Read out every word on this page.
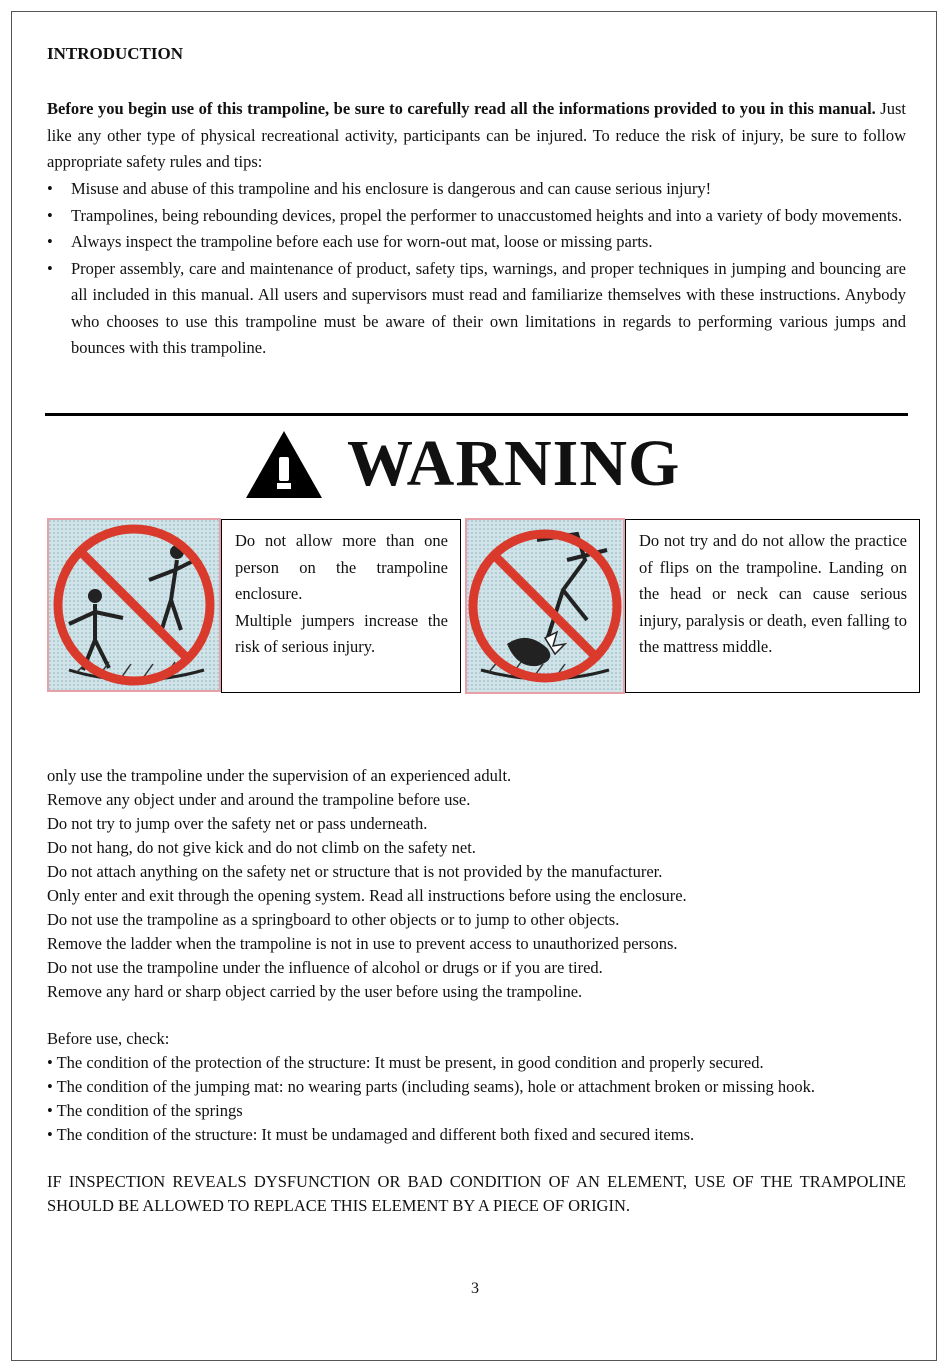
INTRODUCTION
Before you begin use of this trampoline, be sure to carefully read all the informations provided to you in this manual. Just like any other type of physical recreational activity, participants can be injured. To reduce the risk of injury, be sure to follow appropriate safety rules and tips:
•	Misuse and abuse of this trampoline and his enclosure is dangerous and can cause serious injury!
•	Trampolines, being rebounding devices, propel the performer to unaccustomed heights and into a variety of body movements.
•	Always inspect the trampoline before each use for worn-out mat, loose or missing parts.
•	Proper assembly, care and maintenance of product, safety tips, warnings, and proper techniques in jumping and bouncing are all included in this manual. All users and supervisors must read and familiarize themselves with these instructions. Anybody who chooses to use this trampoline must be aware of their own limitations in regards to performing various jumps and bounces with this trampoline.
WARNING
Do not allow more than one person on the trampoline enclosure.
Multiple jumpers increase the risk of serious injury.
Do not try and do not allow the practice of flips on the trampoline. Landing on the head or neck can cause serious injury, paralysis or death, even falling to the mattress middle.
only use the trampoline under the supervision of an experienced adult.
Remove any object under and around the trampoline before use.
Do not try to jump over the safety net or pass underneath.
Do not hang, do not give kick and do not climb on the safety net.
Do not attach anything on the safety net or structure that is not provided by the manufacturer.
Only enter and exit through the opening system. Read all instructions before using the enclosure.
Do not use the trampoline as a springboard to other objects or to jump to other objects.
Remove the ladder when the trampoline is not in use to prevent access to unauthorized persons.
Do not use the trampoline under the influence of alcohol or drugs or if you are tired.
Remove any hard or sharp object carried by the user before using the trampoline.
Before use, check:
• The condition of the protection of the structure: It must be present, in good condition and properly secured.
• The condition of the jumping mat: no wearing parts (including seams), hole or attachment broken or missing hook.
• The condition of the springs
• The condition of the structure: It must be undamaged and different both fixed and secured items.
IF INSPECTION REVEALS DYSFUNCTION OR BAD CONDITION OF AN ELEMENT, USE OF THE TRAMPOLINE SHOULD BE ALLOWED TO REPLACE THIS ELEMENT BY A PIECE OF ORIGIN.
3
